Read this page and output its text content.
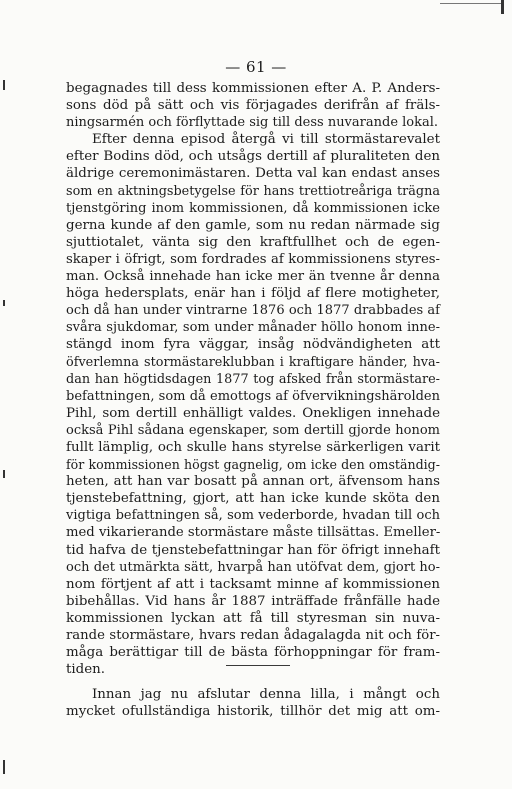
— 61 —
begagnades till dess kommissionen efter A. P. Anders-
sons död på sätt och vis förjagades derifrån af fräls-
ningsarmén och förflyttade sig till dess nuvarande lokal.
Efter denna episod återgå vi till stormästarevalet
efter Bodins död, och utsågs dertill af pluraliteten den
äldrige ceremonimästaren. Detta val kan endast anses
som en aktningsbetygelse för hans trettiotreåriga trägna
tjenstgöring inom kommissionen, då kommissionen icke
gerna kunde af den gamle, som nu redan närmade sig
sjuttiotalet, vänta sig den kraftfullhet och de egen-
skaper i öfrigt, som fordrades af kommissionens styres-
man. Också innehade han icke mer än tvenne år denna
höga hedersplats, enär han i följd af flere motigheter,
och då han under vintrarne 1876 och 1877 drabbades af
svåra sjukdomar, som under månader höllo honom inne-
stängd inom fyra väggar, insåg nödvändigheten att
öfverlemna stormästareklubban i kraftigare händer, hva-
dan han högtidsdagen 1877 tog afsked från stormästare-
befattningen, som då emottogs af öfvervikningshärolden
Pihl, som dertill enhälligt valdes. Onekligen innehade
också Pihl sådana egenskaper, som dertill gjorde honom
fullt lämplig, och skulle hans styrelse särkerligen varit
för kommissionen högst gagnelig, om icke den omständig-
heten, att han var bosatt på annan ort, äfvensom hans
tjenstebefattning, gjort, att han icke kunde sköta den
vigtiga befattningen så, som vederborde, hvadan till och
med vikarierande stormästare måste tillsättas. Emeller-
tid hafva de tjenstebefattningar han för öfrigt innehaft
och det utmärkta sätt, hvarpå han utöfvat dem, gjort ho-
nom förtjent af att i tacksamt minne af kommissionen
bibehållas. Vid hans år 1887 inträffade frånfälle hade
kommissionen lyckan att få till styresman sin nuva-
rande stormästare, hvars redan ådagalagda nit och för-
måga berättigar till de bästa förhoppningar för fram-
tiden.
Innan jag nu afslutar denna lilla, i mångt och
mycket ofullständiga historik, tillhör det mig att om-
